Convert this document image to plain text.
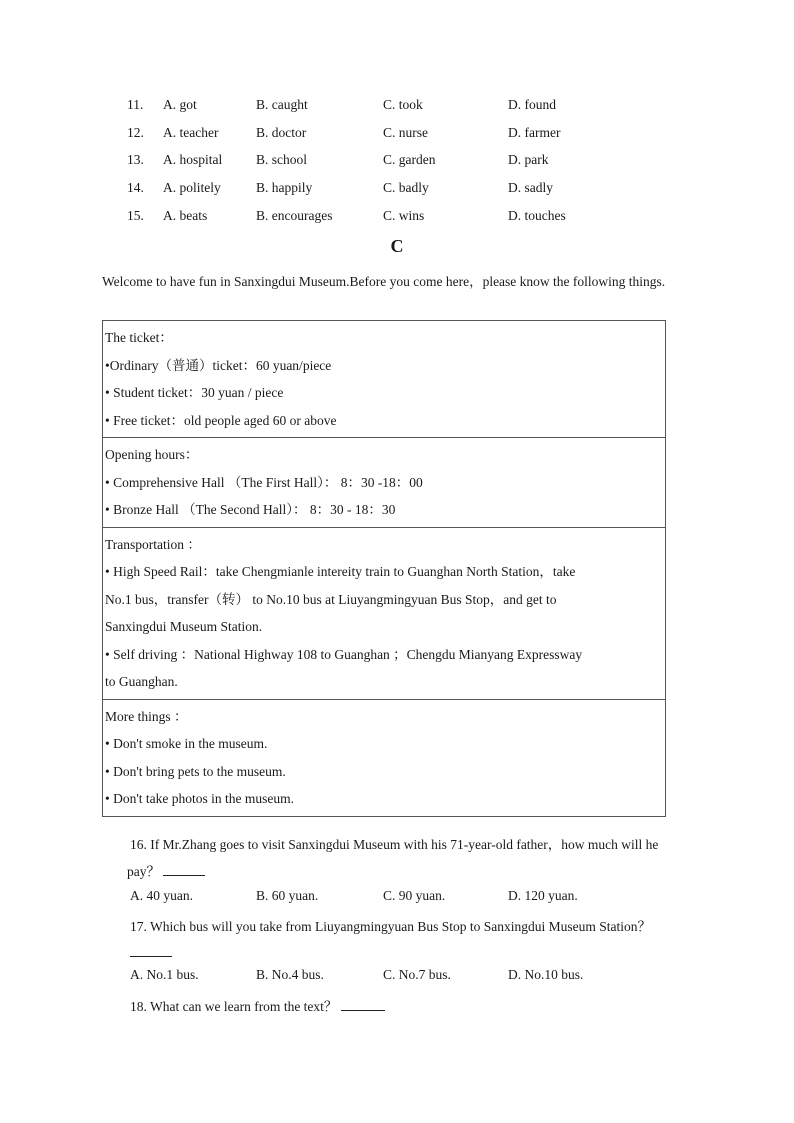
11. A. got	B. caught	C. took	D. found
12. A. teacher	B. doctor	C. nurse	D. farmer
13. A. hospital	B. school	C. garden	D. park
14. A. politely	B. happily	C. badly	D. sadly
15. A. beats	B. encourages	C. wins	D. touches
C
Welcome to have fun in Sanxingdui Museum.Before you come here，please know the following things.
The ticket：
•Ordinary（普通）ticket：60 yuan/piece
• Student ticket：30 yuan / piece
• Free ticket：old people aged 60 or above

Opening hours：
• Comprehensive Hall （The First Hall）： 8：30 -18：00
• Bronze Hall （The Second Hall）： 8：30 - 18：30

Transportation ：
• High Speed Rail：take Chengmianle intereity train to Guanghan North Station，take
No.1 bus，transfer（转） to No.10 bus at Liuyangmingyuan Bus Stop，and get to
Sanxingdui Museum Station.
• Self driving ：National Highway 108 to Guanghan ；Chengdu Mianyang Expressway
to Guanghan.

More things ：
• Don't smoke in the museum.
• Don't bring pets to the museum.
• Don't take photos in the museum.
16. If Mr.Zhang goes to visit Sanxingdui Museum with his 71-year-old father，how much will he
pay？
A. 40 yuan.	B. 60 yuan.	C. 90 yuan.	D. 120 yuan.
17. Which bus will you take from Liuyangmingyuan Bus Stop to Sanxingdui Museum Station？
A. No.1 bus.	B. No.4 bus.	C. No.7 bus.	D. No.10 bus.
18. What can we learn from the text？
